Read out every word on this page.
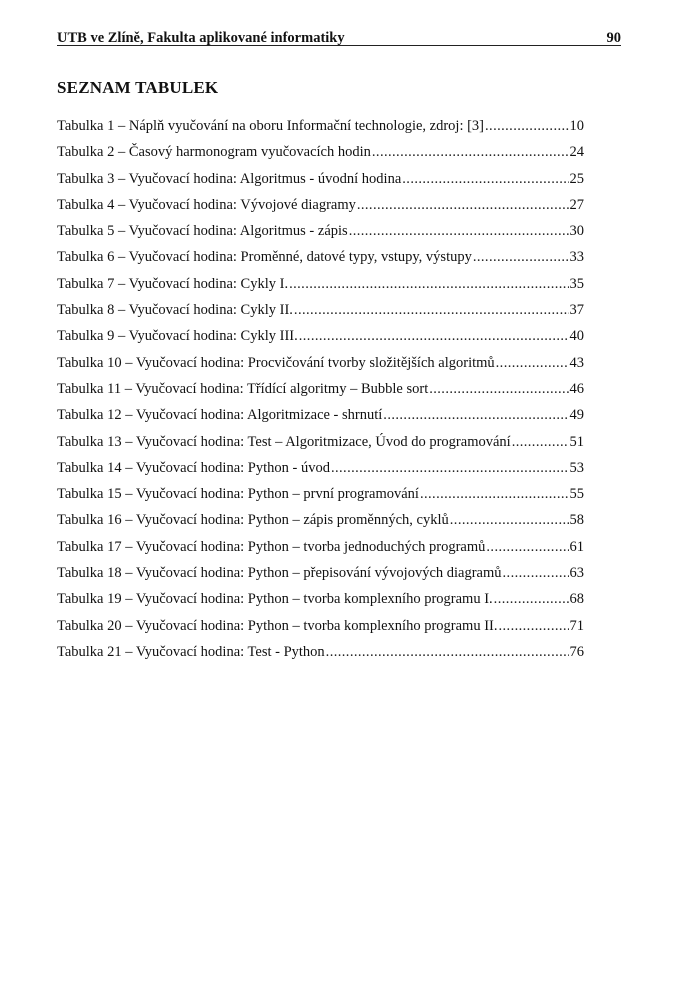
UTB ve Zlíně, Fakulta aplikované informatiky	90
SEZNAM TABULEK
Tabulka 1 – Náplň vyučování na oboru Informační technologie, zdroj: [3] .....	10
Tabulka 2 – Časový harmonogram vyučovacích hodin .....	24
Tabulka 3 – Vyučovací hodina: Algoritmus - úvodní hodina .....	25
Tabulka 4 – Vyučovací hodina: Vývojové diagramy .....	27
Tabulka 5 – Vyučovací hodina: Algoritmus - zápis .....	30
Tabulka 6 – Vyučovací hodina: Proměnné, datové typy, vstupy, výstupy .....	33
Tabulka 7 – Vyučovací hodina: Cykly I. .....	35
Tabulka 8 – Vyučovací hodina: Cykly II. .....	37
Tabulka 9 – Vyučovací hodina: Cykly III. .....	40
Tabulka 10 – Vyučovací hodina: Procvičování tvorby složitějších algoritmů .....	43
Tabulka 11 – Vyučovací hodina: Třídící algoritmy – Bubble sort .....	46
Tabulka 12 – Vyučovací hodina: Algoritmizace - shrnutí .....	49
Tabulka 13 – Vyučovací hodina: Test – Algoritmizace, Úvod do programování .....	51
Tabulka 14 – Vyučovací hodina: Python - úvod .....	53
Tabulka 15 – Vyučovací hodina: Python – první programování .....	55
Tabulka 16 – Vyučovací hodina: Python – zápis proměnných, cyklů .....	58
Tabulka 17 – Vyučovací hodina: Python – tvorba jednoduchých programů .....	61
Tabulka 18 – Vyučovací hodina: Python – přepisování vývojových diagramů .....	63
Tabulka 19 – Vyučovací hodina: Python – tvorba komplexního programu I. .....	68
Tabulka 20 – Vyučovací hodina: Python – tvorba komplexního programu II. .....	71
Tabulka 21 – Vyučovací hodina: Test - Python .....	76
